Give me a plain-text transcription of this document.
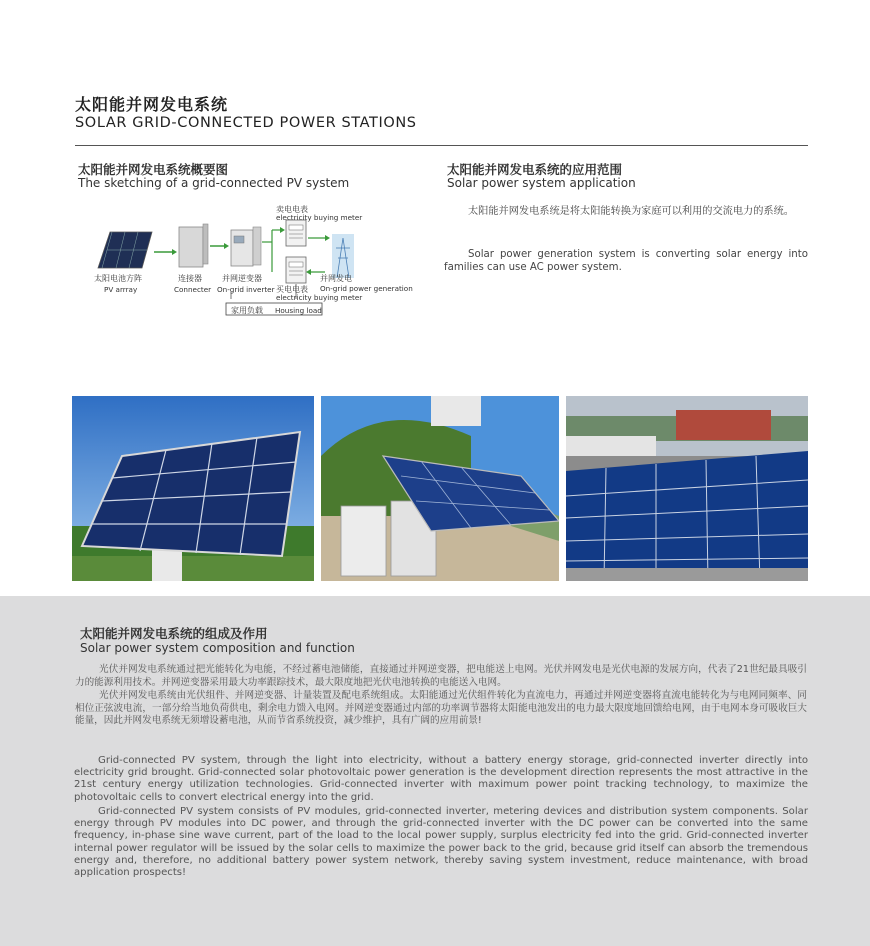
太阳能并网发电系统
SOLAR GRID-CONNECTED POWER STATIONS
太阳能并网发电系统概要图
The sketching of a grid-connected PV system
太阳电池方阵
PV arrray
连接器
Connecter
并网逆变器
On-grid inverter
卖电电表
electricity buying meter
买电电表
electricity buying meter
并网发电
On-grid power generation
家用负载 Housing load
太阳能并网发电系统的应用范围
Solar power system application
太阳能并网发电系统是将太阳能转换为家庭可以利用的交流电力的系统。
Solar power generation system is converting solar energy into families can use AC power system.
太阳能并网发电系统的组成及作用
Solar power system composition and function
光伏并网发电系统通过把光能转化为电能，不经过蓄电池储能，直接通过并网逆变器，把电能送上电网。光伏并网发电是光伏电源的发展方向，代表了21世纪最具吸引力的能源利用技术。并网逆变器采用最大功率跟踪技术，最大限度地把光伏电池转换的电能送入电网。
光伏并网发电系统由光伏组件、并网逆变器、计量装置及配电系统组成。太阳能通过光伏组件转化为直流电力，再通过并网逆变器将直流电能转化为与电网同频率、同相位正弦波电流，一部分给当地负荷供电，剩余电力馈入电网。并网逆变器通过内部的功率调节器将太阳能电池发出的电力最大限度地回馈给电网，由于电网本身可吸收巨大能量，因此并网发电系统无须增设蓄电池，从而节省系统投资，减少维护，具有广阔的应用前景!
Grid-connected PV system, through the light into electricity, without a battery energy storage, grid-connected inverter directly into electricity grid brought. Grid-connected solar photovoltaic power generation is the development direction represents the most attractive in the 21st century energy utilization technologies. Grid-connected inverter with maximum power point tracking technology, to maximize the photovoltaic cells to convert electrical energy into the grid.
Grid-connected PV system consists of PV modules, grid-connected inverter, metering devices and distribution system components. Solar energy through PV modules into DC power, and through the grid-connected inverter with the DC power can be converted into the same frequency, in-phase sine wave current, part of the load to the local power supply, surplus electricity fed into the grid. Grid-connected inverter internal power regulator will be issued by the solar cells to maximize the power back to the grid, because grid itself can absorb the tremendous energy and, therefore, no additional battery power system network, thereby saving system investment, reduce maintenance, with broad application prospects!
